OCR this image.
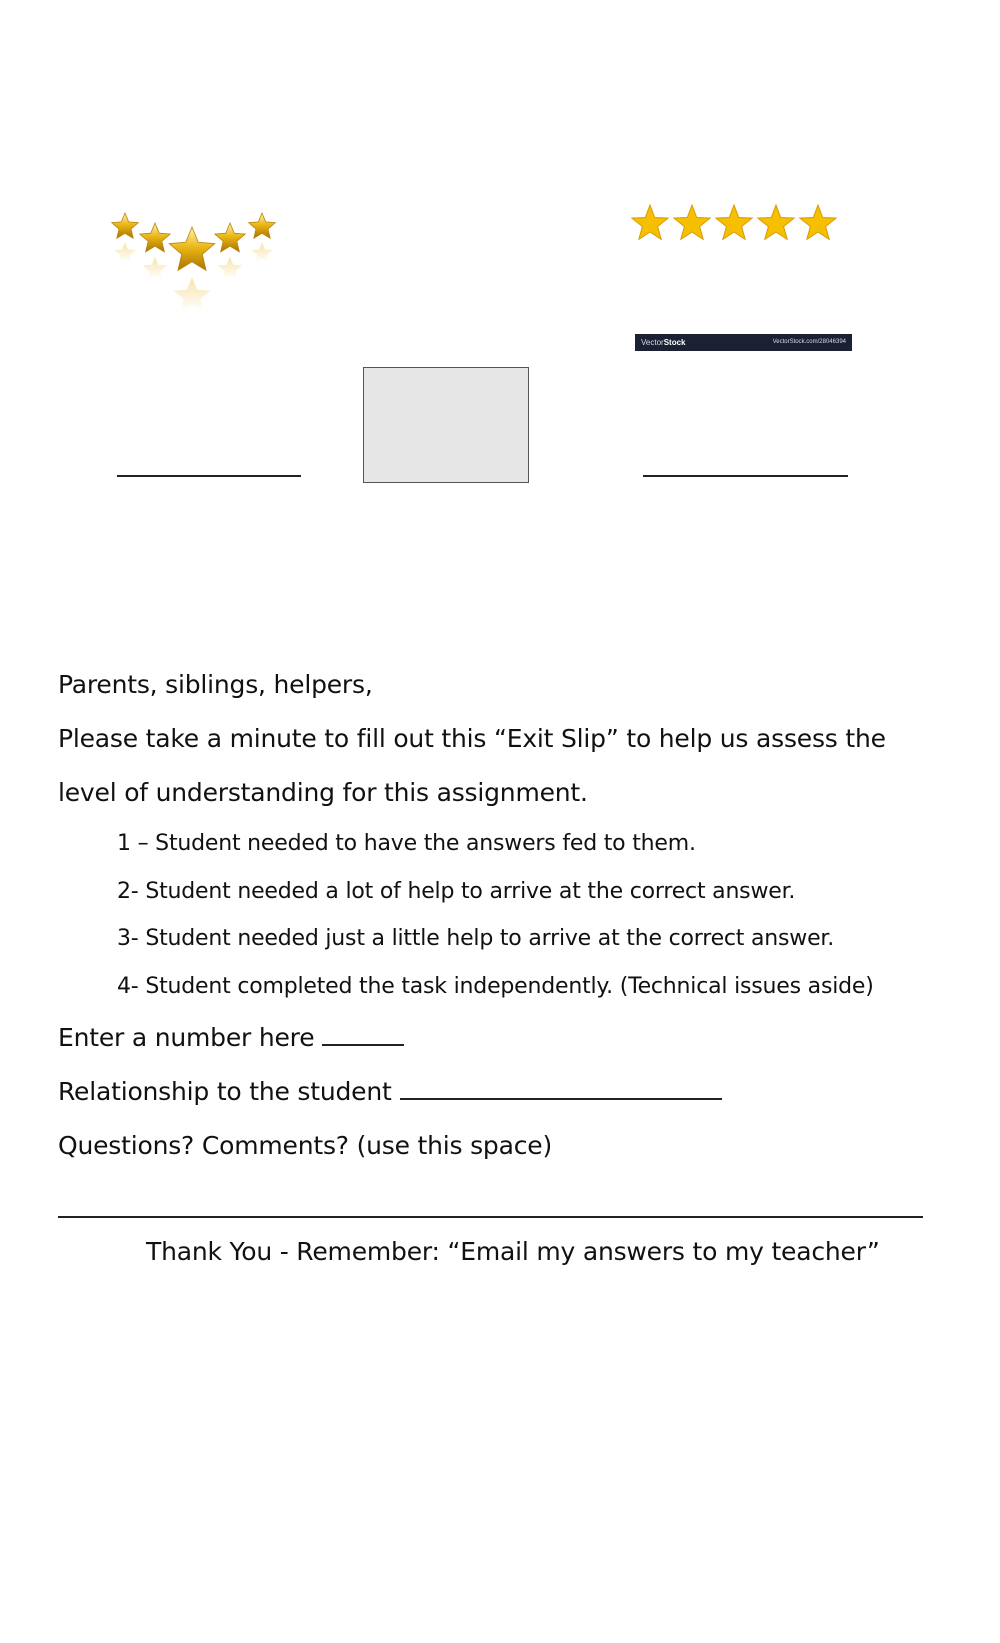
VectorStock	VectorStock.com/28046394

Parents, siblings, helpers,

Please take a minute to fill out this “Exit Slip” to help us assess the

level of understanding for this assignment.

1 – Student needed to have the answers fed to them.

2- Student needed a lot of help to arrive at the correct answer.

3- Student needed just a little help to arrive at the correct answer.

4- Student completed the task independently. (Technical issues aside)

Enter a number here

Relationship to the student

Questions? Comments? (use this space)

Thank You - Remember: “Email my answers to my teacher”
